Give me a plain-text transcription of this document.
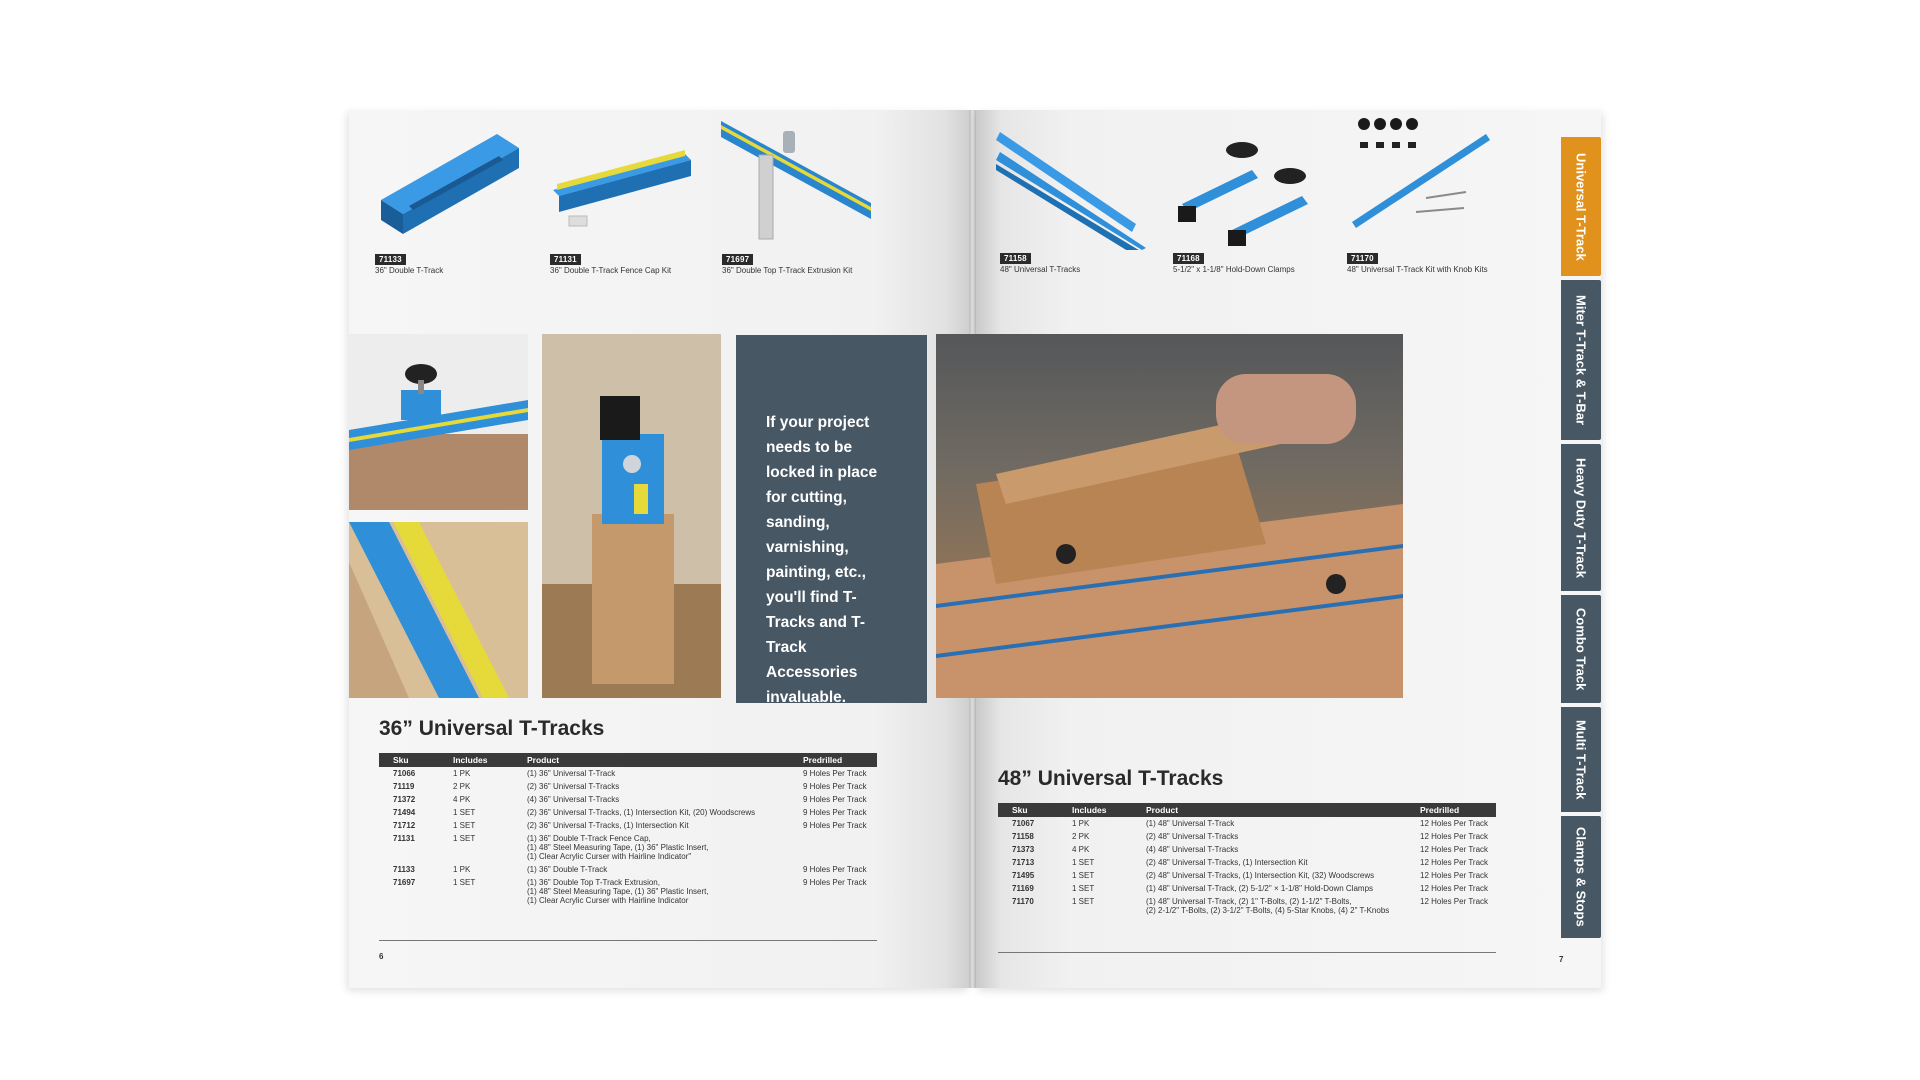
71133
36" Double T-Track
71131
36" Double T-Track Fence Cap Kit
71697
36" Double Top T-Track Extrusion Kit

If your project needs to be locked in place for cutting, sanding, varnishing, painting, etc., you'll find T-Tracks and T-Track Accessories invaluable.

36” Universal T-Tracks
Sku	Includes	Product	Predrilled
71066	1 PK	(1) 36" Universal T-Track	9 Holes Per Track
71119	2 PK	(2) 36" Universal T-Tracks	9 Holes Per Track
71372	4 PK	(4) 36" Universal T-Tracks	9 Holes Per Track
71494	1 SET	(2) 36" Universal T-Tracks, (1) Intersection Kit, (20) Woodscrews	9 Holes Per Track
71712	1 SET	(2) 36" Universal T-Tracks, (1) Intersection Kit	9 Holes Per Track
71131	1 SET	(1) 36" Double T-Track Fence Cap,
(1) 48" Steel Measuring Tape, (1) 36" Plastic Insert,
(1) Clear Acrylic Curser with Hairline Indicator"	
71133	1 PK	(1) 36" Double T-Track	9 Holes Per Track
71697	1 SET	(1) 36" Double Top T-Track Extrusion,
(1) 48" Steel Measuring Tape, (1) 36" Plastic Insert,
(1) Clear Acrylic Curser with Hairline Indicator	9 Holes Per Track
6
71158
48" Universal T-Tracks
71168
5-1/2" x 1-1/8" Hold-Down Clamps
71170
48" Universal T-Track Kit with Knob Kits
48” Universal T-Tracks
Sku	Includes	Product	Predrilled
71067	1 PK	(1) 48" Universal T-Track	12 Holes Per Track
71158	2 PK	(2) 48" Universal T-Tracks	12 Holes Per Track
71373	4 PK	(4) 48" Universal T-Tracks	12 Holes Per Track
71713	1 SET	(2) 48" Universal T-Tracks, (1) Intersection Kit	12 Holes Per Track
71495	1 SET	(2) 48" Universal T-Tracks, (1) Intersection Kit, (32) Woodscrews	12 Holes Per Track
71169	1 SET	(1) 48" Universal T-Track, (2) 5-1/2" × 1-1/8" Hold-Down Clamps	12 Holes Per Track
71170	1 SET	(1) 48" Universal T-Track, (2) 1" T-Bolts, (2) 1-1/2" T-Bolts,
(2) 2-1/2" T-Bolts, (2) 3-1/2" T-Bolts, (4) 5-Star Knobs, (4) 2" T-Knobs	12 Holes Per Track
7
Universal T-Track
Miter T-Track & T-Bar
Heavy Duty T-Track
Combo Track
Multi T-Track
Clamps & Stops
